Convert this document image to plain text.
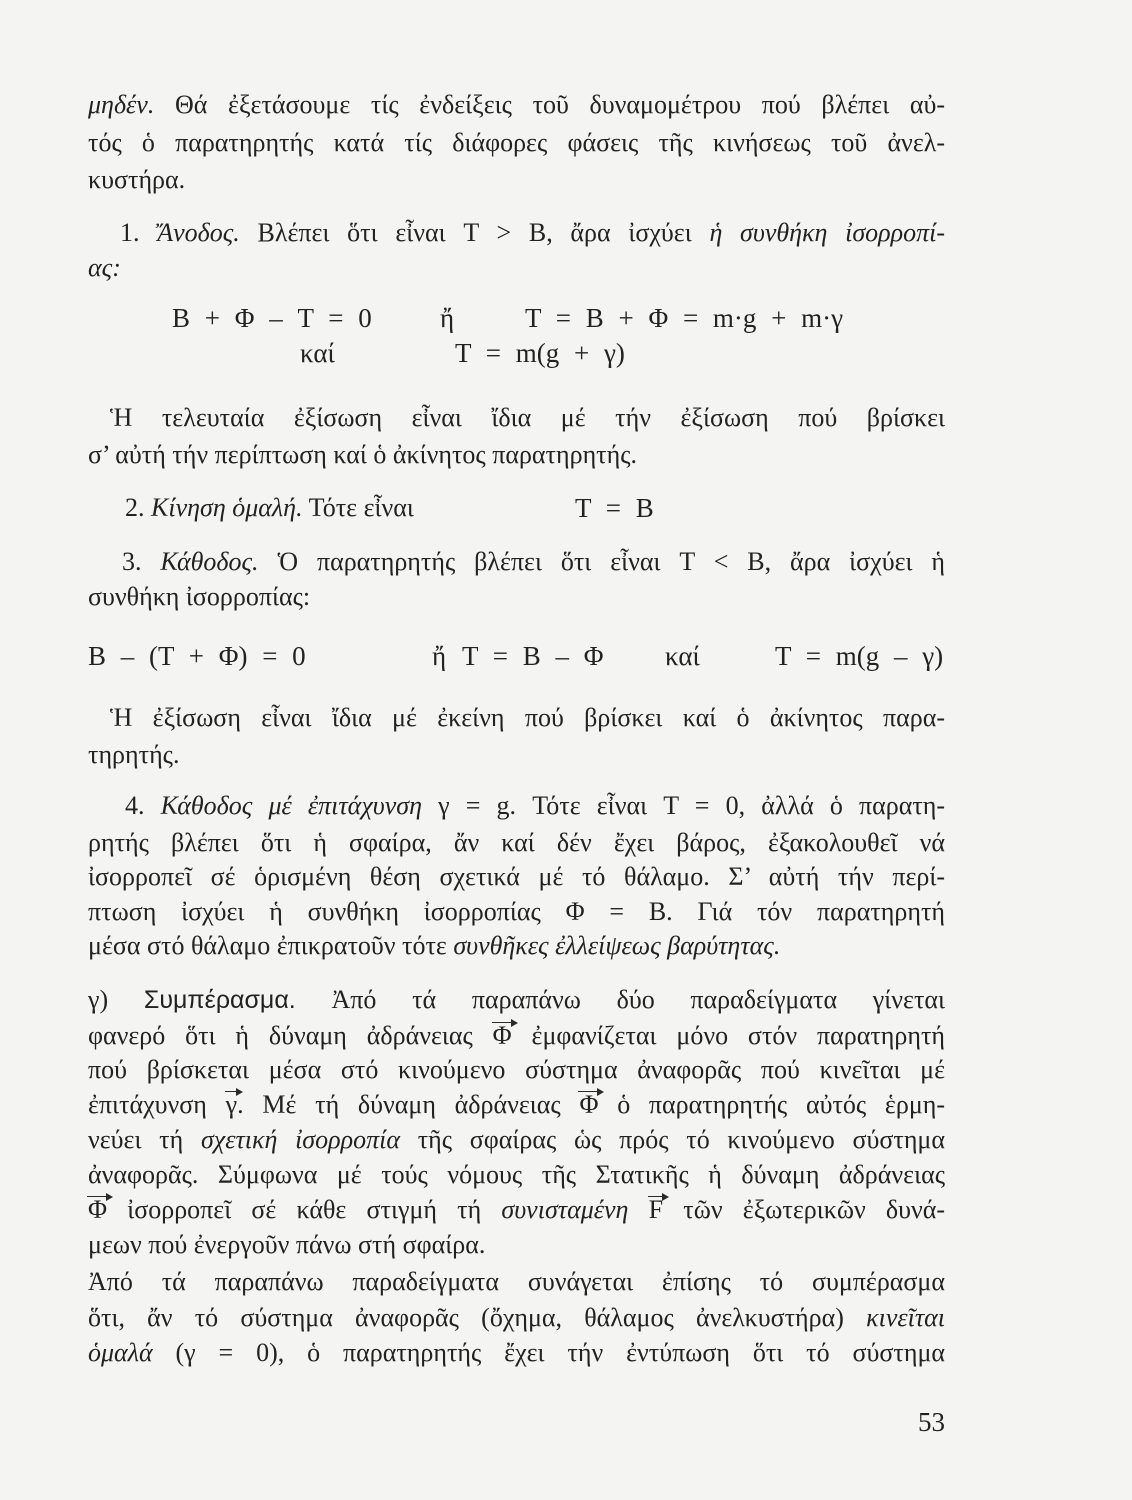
μηδέν. Θά ἐξετάσουμε τίς ἐνδείξεις τοῦ δυναμομέτρου πού βλέπει αὐ-
τός ὁ παρατηρητής κατά τίς διάφορες φάσεις τῆς κινήσεως τοῦ ἀνελ-
κυστήρα.
1. Ἄνοδος. Βλέπει ὅτι εἶναι T > B, ἄρα ἰσχύει ἡ συνθήκη ἰσορροπί-
ας:
B + Φ – T = 0	ἤ	T = B + Φ = m·g + m·γ
καί	T = m(g + γ)
Ἡ τελευταία ἐξίσωση εἶναι ἴδια μέ τήν ἐξίσωση πού βρίσκει
σ’ αὐτή τήν περίπτωση καί ὁ ἀκίνητος παρατηρητής.
2. Κίνηση ὁμαλή. Τότε εἶναι	T = B
3. Κάθοδος. Ὁ παρατηρητής βλέπει ὅτι εἶναι T < B, ἄρα ἰσχύει ἡ
συνθήκη ἰσορροπίας:
B – (T + Φ) = 0	ἤ T = B – Φ καί	T = m(g – γ)
Ἡ ἐξίσωση εἶναι ἴδια μέ ἐκείνη πού βρίσκει καί ὁ ἀκίνητος παρα-
τηρητής.
4. Κάθοδος μέ ἐπιτάχυνση γ = g. Τότε εἶναι T = 0, ἀλλά ὁ παρατη-
ρητής βλέπει ὅτι ἡ σφαίρα, ἄν καί δέν ἔχει βάρος, ἐξακολουθεῖ νά
ἰσορροπεῖ σέ ὁρισμένη θέση σχετικά μέ τό θάλαμο. Σ’ αὐτή τήν περί-
πτωση ἰσχύει ἡ συνθήκη ἰσορροπίας Φ = B. Γιά τόν παρατηρητή
μέσα στό θάλαμο ἐπικρατοῦν τότε συνθῆκες ἐλλείψεως βαρύτητας.
γ) Συμπέρασμα. Ἀπό τά παραπάνω δύο παραδείγματα γίνεται
φανερό ὅτι ἡ δύναμη ἀδράνειας Φ ἐμφανίζεται μόνο στόν παρατηρητή
πού βρίσκεται μέσα στό κινούμενο σύστημα ἀναφορᾶς πού κινεῖται μέ
ἐπιτάχυνση γ. Μέ τή δύναμη ἀδράνειας Φ ὁ παρατηρητής αὐτός ἑρμη-
νεύει τή σχετική ἰσορροπία τῆς σφαίρας ὡς πρός τό κινούμενο σύστημα
ἀναφορᾶς. Σύμφωνα μέ τούς νόμους τῆς Στατικῆς ἡ δύναμη ἀδράνειας
Φ ἰσορροπεῖ σέ κάθε στιγμή τή συνισταμένη F τῶν ἐξωτερικῶν δυνά-
μεων πού ἐνεργοῦν πάνω στή σφαίρα.
Ἀπό τά παραπάνω παραδείγματα συνάγεται ἐπίσης τό συμπέρασμα
ὅτι, ἄν τό σύστημα ἀναφορᾶς (ὄχημα, θάλαμος ἀνελκυστήρα) κινεῖται
ὁμαλά (γ = 0), ὁ παρατηρητής ἔχει τήν ἐντύπωση ὅτι τό σύστημα
53
